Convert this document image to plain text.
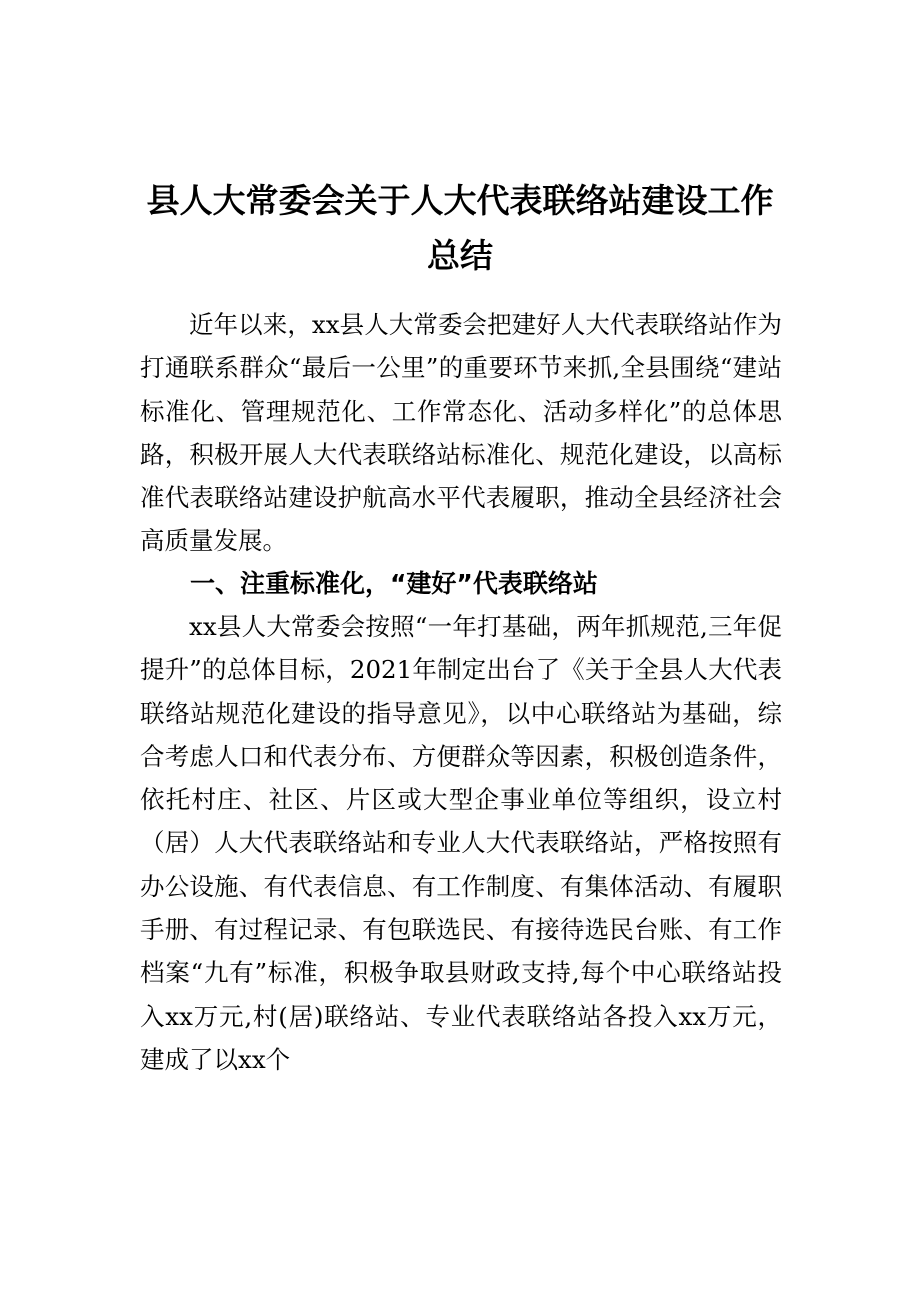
县人大常委会关于人大代表联络站建设工作总结

近年以来，xx县人大常委会把建好人大代表联络站作为打通联系群众“最后一公里”的重要环节来抓,全县围绕“建站标准化、管理规范化、工作常态化、活动多样化”的总体思路，积极开展人大代表联络站标准化、规范化建设，以高标准代表联络站建设护航高水平代表履职，推动全县经济社会高质量发展。

一、注重标准化，“建好”代表联络站

xx县人大常委会按照“一年打基础，两年抓规范,三年促提升”的总体目标，2021年制定出台了《关于全县人大代表联络站规范化建设的指导意见》，以中心联络站为基础，综合考虑人口和代表分布、方便群众等因素，积极创造条件，依托村庄、社区、片区或大型企事业单位等组织，设立村（居）人大代表联络站和专业人大代表联络站，严格按照有办公设施、有代表信息、有工作制度、有集体活动、有履职手册、有过程记录、有包联选民、有接待选民台账、有工作档案“九有”标准，积极争取县财政支持,每个中心联络站投入xx万元,村(居)联络站、专业代表联络站各投入xx万元，建成了以xx个
